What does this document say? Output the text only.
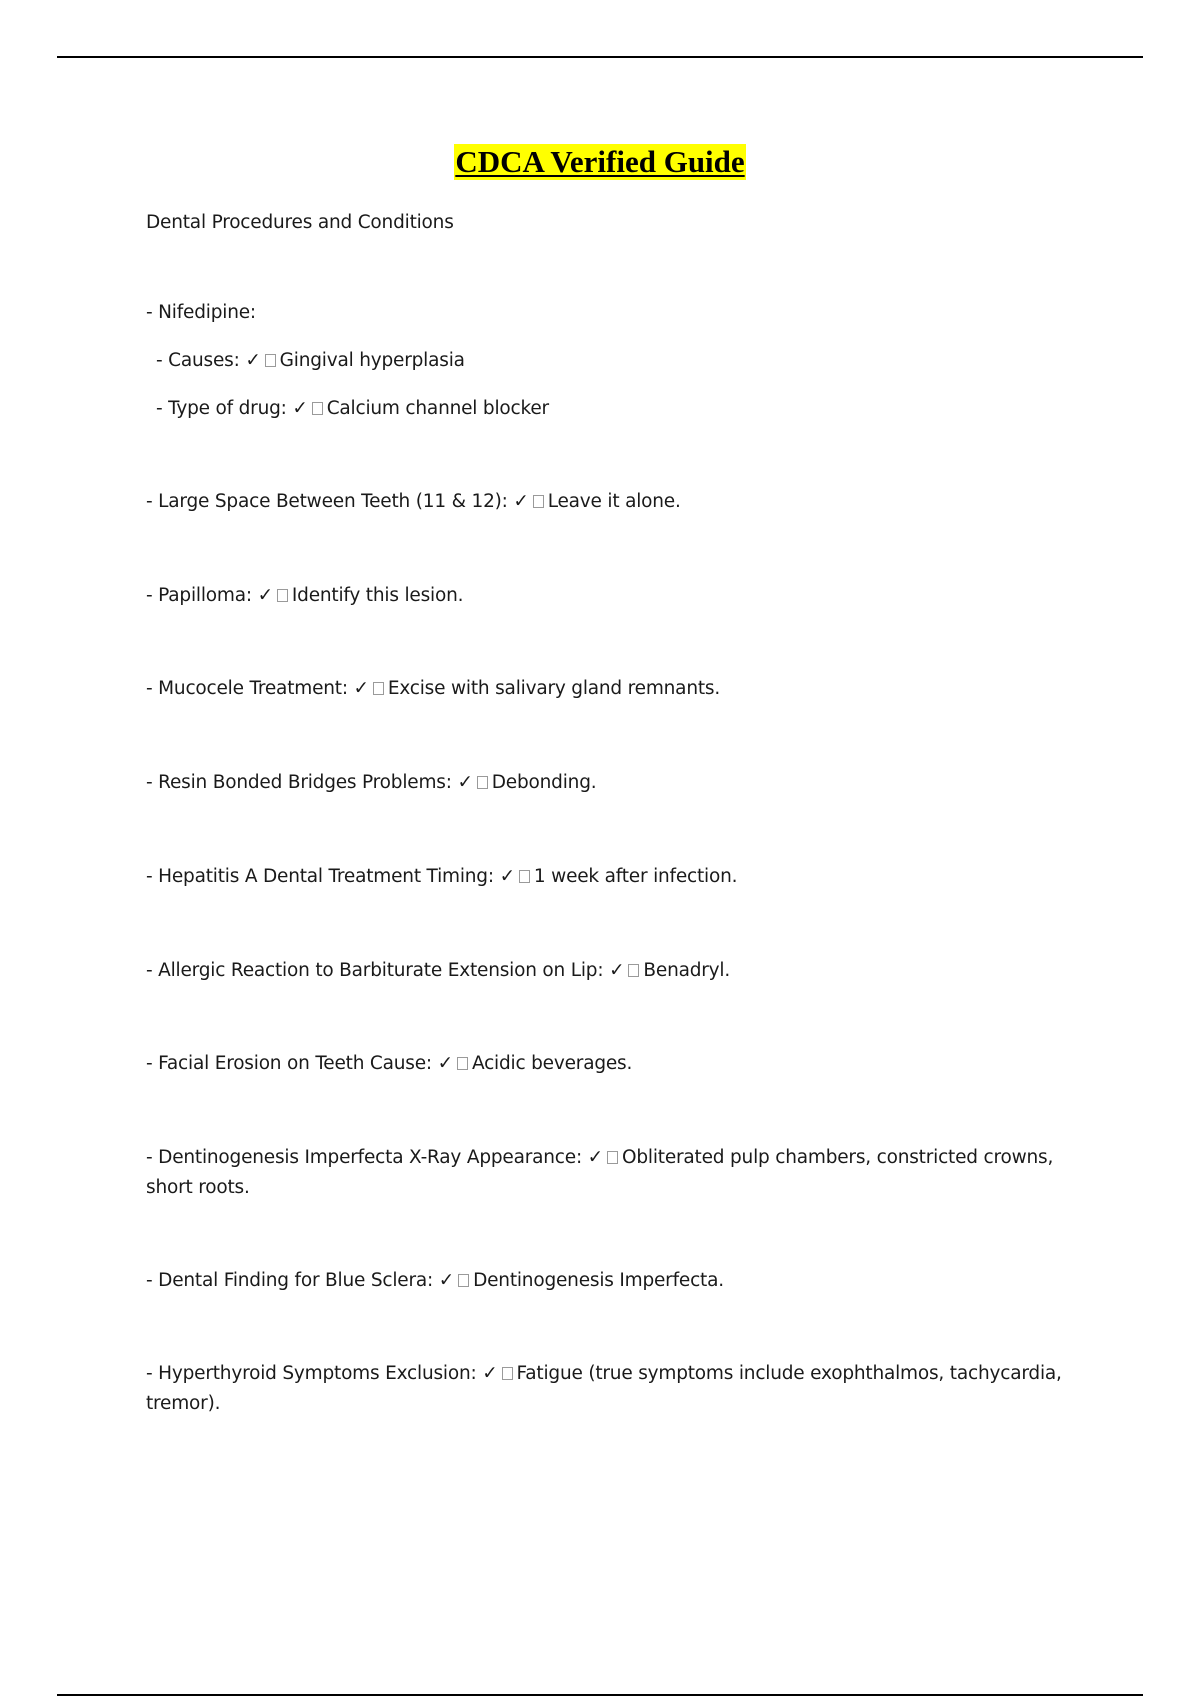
CDCA Verified Guide
Dental Procedures and Conditions
- Nifedipine:
- Causes: ✓ Gingival hyperplasia
- Type of drug: ✓ Calcium channel blocker
- Large Space Between Teeth (11 & 12): ✓ Leave it alone.
- Papilloma: ✓ Identify this lesion.
- Mucocele Treatment: ✓ Excise with salivary gland remnants.
- Resin Bonded Bridges Problems: ✓ Debonding.
- Hepatitis A Dental Treatment Timing: ✓ 1 week after infection.
- Allergic Reaction to Barbiturate Extension on Lip: ✓ Benadryl.
- Facial Erosion on Teeth Cause: ✓ Acidic beverages.
- Dentinogenesis Imperfecta X-Ray Appearance: ✓ Obliterated pulp chambers, constricted crowns, short roots.
- Dental Finding for Blue Sclera: ✓ Dentinogenesis Imperfecta.
- Hyperthyroid Symptoms Exclusion: ✓ Fatigue (true symptoms include exophthalmos, tachycardia, tremor).
